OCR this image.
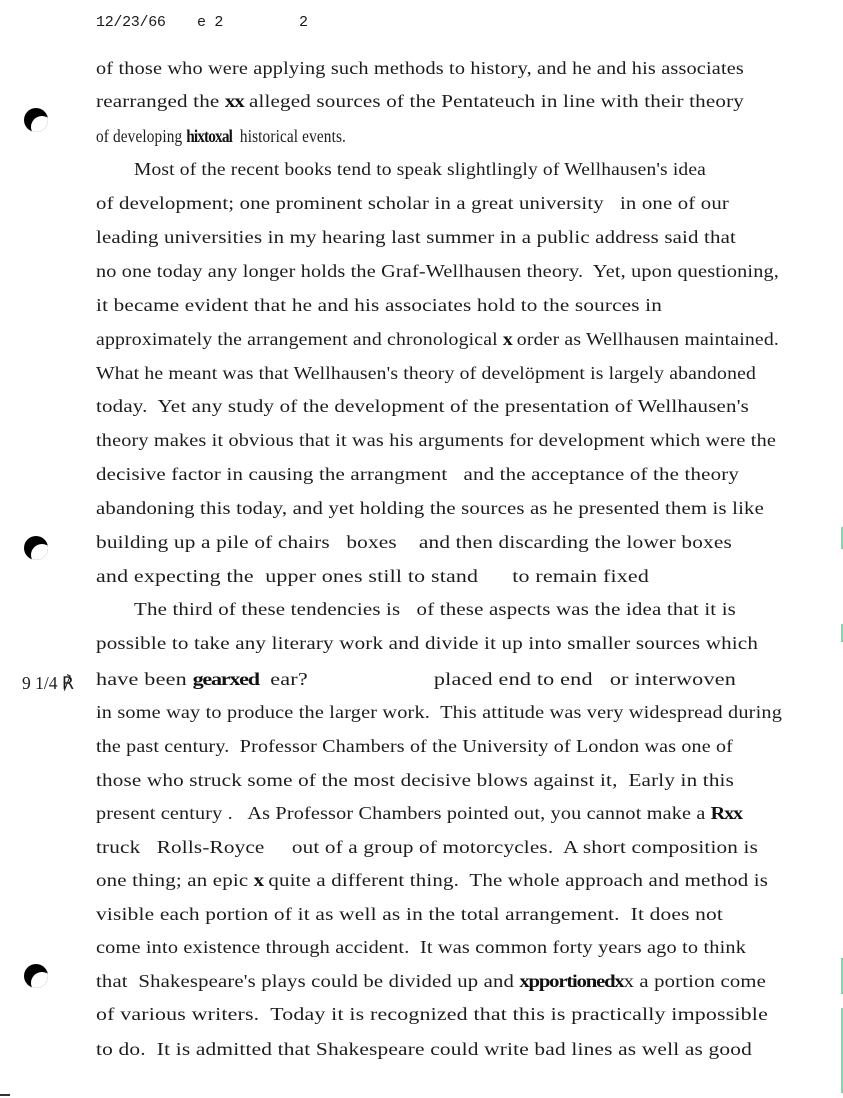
12/23/66

e 2

	2

9 1/4 ℟
of those who were applying such methods to history, and he and his associates
rearranged the xx alleged sources of the Pentateuch in line with their theory
of developing hixtoxal  historical events.
Most of the recent books tend to speak slightlingly of Wellhausen's idea
of development; one prominent scholar in a great university   in one of our
leading universities in my hearing last summer in a public address said that
no one today any longer holds the Graf-Wellhausen theory.  Yet, upon questioning,
it became evident that he and his associates hold to the sources in
approximately the arrangement and chronological x order as Wellhausen maintained.
What he meant was that Wellhausen's theory of develöpment is largely abandoned
today.  Yet any study of the development of the presentation of Wellhausen's
theory makes it obvious that it was his arguments for development which were the
decisive factor in causing the arrangment   and the acceptance of the theory
abandoning this today, and yet holding the sources as he presented them is like
building up a pile of chairs   boxes    and then discarding the lower boxes
and expecting the  upper ones still to stand      to remain fixed
The third of these tendencies is   of these aspects was the idea that it is
possible to take any literary work and divide it up into smaller sources which
have been gearxed  ear?                      placed end to end   or interwoven
in some way to produce the larger work.  This attitude was very widespread during
the past century.  Professor Chambers of the University of London was one of
those who struck some of the most decisive blows against it,  Early in this
present century .   As Professor Chambers pointed out, you cannot make a Rxx
truck   Rolls-Royce     out of a group of motorcycles.  A short composition is
one thing; an epic x quite a different thing.  The whole approach and method is
visible each portion of it as well as in the total arrangement.  It does not
come into existence through accident.  It was common forty years ago to think
that  Shakespeare's plays could be divided up and xpportionedxx a portion come
of various writers.  Today it is recognized that this is practically impossible
to do.  It is admitted that Shakespeare could write bad lines as well as good
